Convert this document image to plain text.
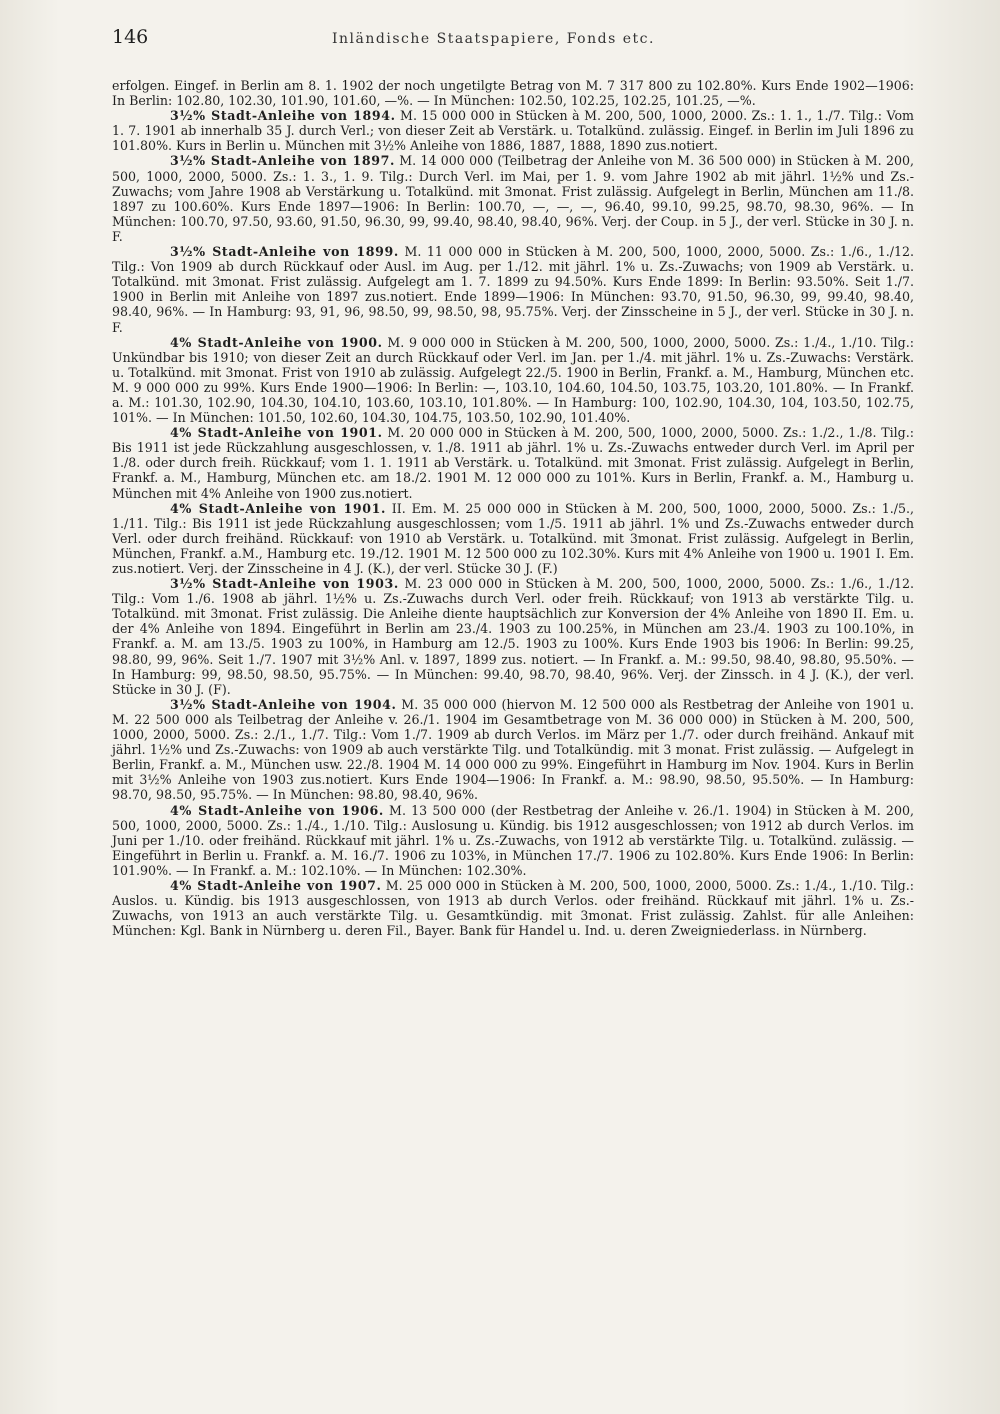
146	Inländische Staatspapiere, Fonds etc.

erfolgen. Eingef. in Berlin am 8. 1. 1902 der noch ungetilgte Betrag von M. 7 317 800 zu 102.80%. Kurs Ende 1902—1906: In Berlin: 102.80, 102.30, 101.90, 101.60, —%. — In München: 102.50, 102.25, 102.25, 101.25, —%.

3½% Stadt-Anleihe von 1894. M. 15 000 000 in Stücken à M. 200, 500, 1000, 2000. Zs.: 1. 1., 1./7. Tilg.: Vom 1. 7. 1901 ab innerhalb 35 J. durch Verl.; von dieser Zeit ab Verstärk. u. Totalkünd. zulässig. Eingef. in Berlin im Juli 1896 zu 101.80%. Kurs in Berlin u. München mit 3½% Anleihe von 1886, 1887, 1888, 1890 zus.notiert.

3½% Stadt-Anleihe von 1897. M. 14 000 000 (Teilbetrag der Anleihe von M. 36 500 000) in Stücken à M. 200, 500, 1000, 2000, 5000. Zs.: 1. 3., 1. 9. Tilg.: Durch Verl. im Mai, per 1. 9. vom Jahre 1902 ab mit jährl. 1½% und Zs.-Zuwachs; vom Jahre 1908 ab Verstärkung u. Totalkünd. mit 3monat. Frist zulässig. Aufgelegt in Berlin, München am 11./8. 1897 zu 100.60%. Kurs Ende 1897—1906: In Berlin: 100.70, —, —, —, 96.40, 99.10, 99.25, 98.70, 98.30, 96%. — In München: 100.70, 97.50, 93.60, 91.50, 96.30, 99, 99.40, 98.40, 98.40, 96%. Verj. der Coup. in 5 J., der verl. Stücke in 30 J. n. F.

3½% Stadt-Anleihe von 1899. M. 11 000 000 in Stücken à M. 200, 500, 1000, 2000, 5000. Zs.: 1./6., 1./12. Tilg.: Von 1909 ab durch Rückkauf oder Ausl. im Aug. per 1./12. mit jährl. 1% u. Zs.-Zuwachs; von 1909 ab Verstärk. u. Totalkünd. mit 3monat. Frist zulässig. Aufgelegt am 1. 7. 1899 zu 94.50%. Kurs Ende 1899: In Berlin: 93.50%. Seit 1./7. 1900 in Berlin mit Anleihe von 1897 zus.notiert. Ende 1899—1906: In München: 93.70, 91.50, 96.30, 99, 99.40, 98.40, 98.40, 96%. — In Hamburg: 93, 91, 96, 98.50, 99, 98.50, 98, 95.75%. Verj. der Zinsscheine in 5 J., der verl. Stücke in 30 J. n. F.

4% Stadt-Anleihe von 1900. M. 9 000 000 in Stücken à M. 200, 500, 1000, 2000, 5000. Zs.: 1./4., 1./10. Tilg.: Unkündbar bis 1910; von dieser Zeit an durch Rückkauf oder Verl. im Jan. per 1./4. mit jährl. 1% u. Zs.-Zuwachs: Verstärk. u. Totalkünd. mit 3monat. Frist von 1910 ab zulässig. Aufgelegt 22./5. 1900 in Berlin, Frankf. a. M., Hamburg, München etc. M. 9 000 000 zu 99%. Kurs Ende 1900—1906: In Berlin: —, 103.10, 104.60, 104.50, 103.75, 103.20, 101.80%. — In Frankf. a. M.: 101.30, 102.90, 104.30, 104.10, 103.60, 103.10, 101.80%. — In Hamburg: 100, 102.90, 104.30, 104, 103.50, 102.75, 101%. — In München: 101.50, 102.60, 104.30, 104.75, 103.50, 102.90, 101.40%.

4% Stadt-Anleihe von 1901. M. 20 000 000 in Stücken à M. 200, 500, 1000, 2000, 5000. Zs.: 1./2., 1./8. Tilg.: Bis 1911 ist jede Rückzahlung ausgeschlossen, v. 1./8. 1911 ab jährl. 1% u. Zs.-Zuwachs entweder durch Verl. im April per 1./8. oder durch freih. Rückkauf; vom 1. 1. 1911 ab Verstärk. u. Totalkünd. mit 3monat. Frist zulässig. Aufgelegt in Berlin, Frankf. a. M., Hamburg, München etc. am 18./2. 1901 M. 12 000 000 zu 101%. Kurs in Berlin, Frankf. a. M., Hamburg u. München mit 4% Anleihe von 1900 zus.notiert.

4% Stadt-Anleihe von 1901. II. Em. M. 25 000 000 in Stücken à M. 200, 500, 1000, 2000, 5000. Zs.: 1./5., 1./11. Tilg.: Bis 1911 ist jede Rückzahlung ausgeschlossen; vom 1./5. 1911 ab jährl. 1% und Zs.-Zuwachs entweder durch Verl. oder durch freihänd. Rückkauf: von 1910 ab Verstärk. u. Totalkünd. mit 3monat. Frist zulässig. Aufgelegt in Berlin, München, Frankf. a.M., Hamburg etc. 19./12. 1901 M. 12 500 000 zu 102.30%. Kurs mit 4% Anleihe von 1900 u. 1901 I. Em. zus.notiert. Verj. der Zinsscheine in 4 J. (K.), der verl. Stücke 30 J. (F.)

3½% Stadt-Anleihe von 1903. M. 23 000 000 in Stücken à M. 200, 500, 1000, 2000, 5000. Zs.: 1./6., 1./12. Tilg.: Vom 1./6. 1908 ab jährl. 1½% u. Zs.-Zuwachs durch Verl. oder freih. Rückkauf; von 1913 ab verstärkte Tilg. u. Totalkünd. mit 3monat. Frist zulässig. Die Anleihe diente hauptsächlich zur Konversion der 4% Anleihe von 1890 II. Em. u. der 4% Anleihe von 1894. Eingeführt in Berlin am 23./4. 1903 zu 100.25%, in München am 23./4. 1903 zu 100.10%, in Frankf. a. M. am 13./5. 1903 zu 100%, in Hamburg am 12./5. 1903 zu 100%. Kurs Ende 1903 bis 1906: In Berlin: 99.25, 98.80, 99, 96%. Seit 1./7. 1907 mit 3½% Anl. v. 1897, 1899 zus. notiert. — In Frankf. a. M.: 99.50, 98.40, 98.80, 95.50%. — In Hamburg: 99, 98.50, 98.50, 95.75%. — In München: 99.40, 98.70, 98.40, 96%. Verj. der Zinssch. in 4 J. (K.), der verl. Stücke in 30 J. (F).

3½% Stadt-Anleihe von 1904. M. 35 000 000 (hiervon M. 12 500 000 als Restbetrag der Anleihe von 1901 u. M. 22 500 000 als Teilbetrag der Anleihe v. 26./1. 1904 im Gesamtbetrage von M. 36 000 000) in Stücken à M. 200, 500, 1000, 2000, 5000. Zs.: 2./1., 1./7. Tilg.: Vom 1./7. 1909 ab durch Verlos. im März per 1./7. oder durch freihänd. Ankauf mit jährl. 1½% und Zs.-Zuwachs: von 1909 ab auch verstärkte Tilg. und Totalkündig. mit 3 monat. Frist zulässig. — Aufgelegt in Berlin, Frankf. a. M., München usw. 22./8. 1904 M. 14 000 000 zu 99%. Eingeführt in Hamburg im Nov. 1904. Kurs in Berlin mit 3½% Anleihe von 1903 zus.notiert. Kurs Ende 1904—1906: In Frankf. a. M.: 98.90, 98.50, 95.50%. — In Hamburg: 98.70, 98.50, 95.75%. — In München: 98.80, 98.40, 96%.

4% Stadt-Anleihe von 1906. M. 13 500 000 (der Restbetrag der Anleihe v. 26./1. 1904) in Stücken à M. 200, 500, 1000, 2000, 5000. Zs.: 1./4., 1./10. Tilg.: Auslosung u. Kündig. bis 1912 ausgeschlossen; von 1912 ab durch Verlos. im Juni per 1./10. oder freihänd. Rückkauf mit jährl. 1% u. Zs.-Zuwachs, von 1912 ab verstärkte Tilg. u. Totalkünd. zulässig. — Eingeführt in Berlin u. Frankf. a. M. 16./7. 1906 zu 103%, in München 17./7. 1906 zu 102.80%. Kurs Ende 1906: In Berlin: 101.90%. — In Frankf. a. M.: 102.10%. — In München: 102.30%.

4% Stadt-Anleihe von 1907. M. 25 000 000 in Stücken à M. 200, 500, 1000, 2000, 5000. Zs.: 1./4., 1./10. Tilg.: Auslos. u. Kündig. bis 1913 ausgeschlossen, von 1913 ab durch Verlos. oder freihänd. Rückkauf mit jährl. 1% u. Zs.-Zuwachs, von 1913 an auch verstärkte Tilg. u. Gesamtkündig. mit 3monat. Frist zulässig. Zahlst. für alle Anleihen: München: Kgl. Bank in Nürnberg u. deren Fil., Bayer. Bank für Handel u. Ind. u. deren Zweigniederlass. in Nürnberg.
